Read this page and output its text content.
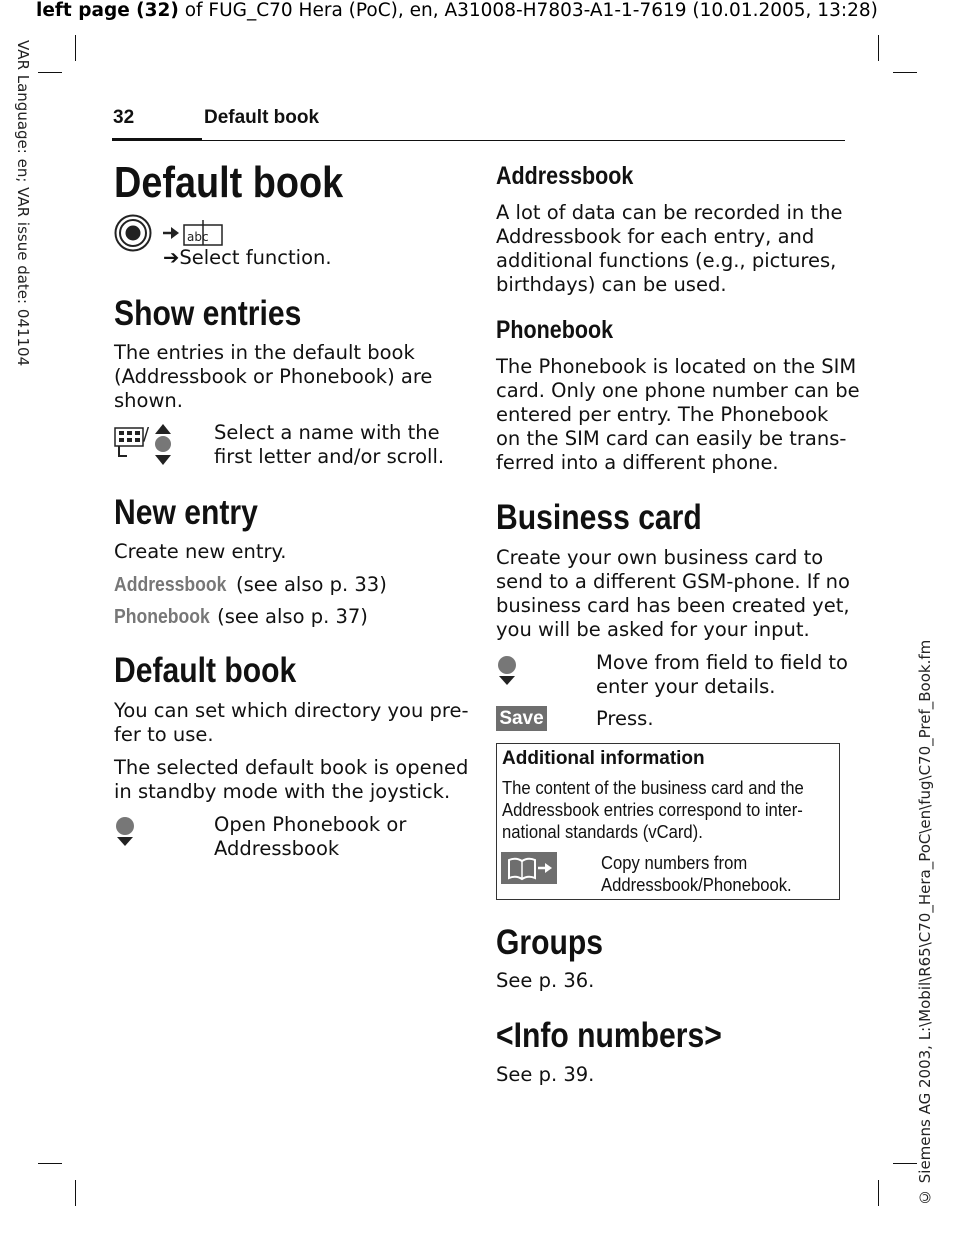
left page (32) of FUG_C70 Hera (PoC), en, A31008-H7803-A1-1-7619 (10.01.2005, 13:28)
VAR Language: en; VAR issue date: 041104
© Siemens AG 2003, L:\Mobil\R65\C70_Hera_PoC\en\fug\C70_Pref_Book.fm
32	Default book
Default book
abc
➔Select function.
Show entries
The entries in the default book
(Addressbook or Phonebook) are
shown.
/	Select a name with the
first letter and/or scroll.
New entry
Create new entry.
Addressbook (see also p. 33)
Phonebook (see also p. 37)
Default book
You can set which directory you pre-
fer to use.
The selected default book is opened
in standby mode with the joystick.
Open Phonebook or
Addressbook
Addressbook
A lot of data can be recorded in the
Addressbook for each entry, and
additional functions (e.g., pictures,
birthdays) can be used.
Phonebook
The Phonebook is located on the SIM
card. Only one phone number can be
entered per entry. The Phonebook
on the SIM card can easily be trans-
ferred into a different phone.
Business card
Create your own business card to
send to a different GSM-phone. If no
business card has been created yet,
you will be asked for your input.
Move from field to field to
enter your details.
Save	Press.
Additional information
The content of the business card and the
Addressbook entries correspond to inter-
national standards (vCard).
Copy numbers from
Addressbook/Phonebook.
Groups
See p. 36.
<Info numbers>
See p. 39.
